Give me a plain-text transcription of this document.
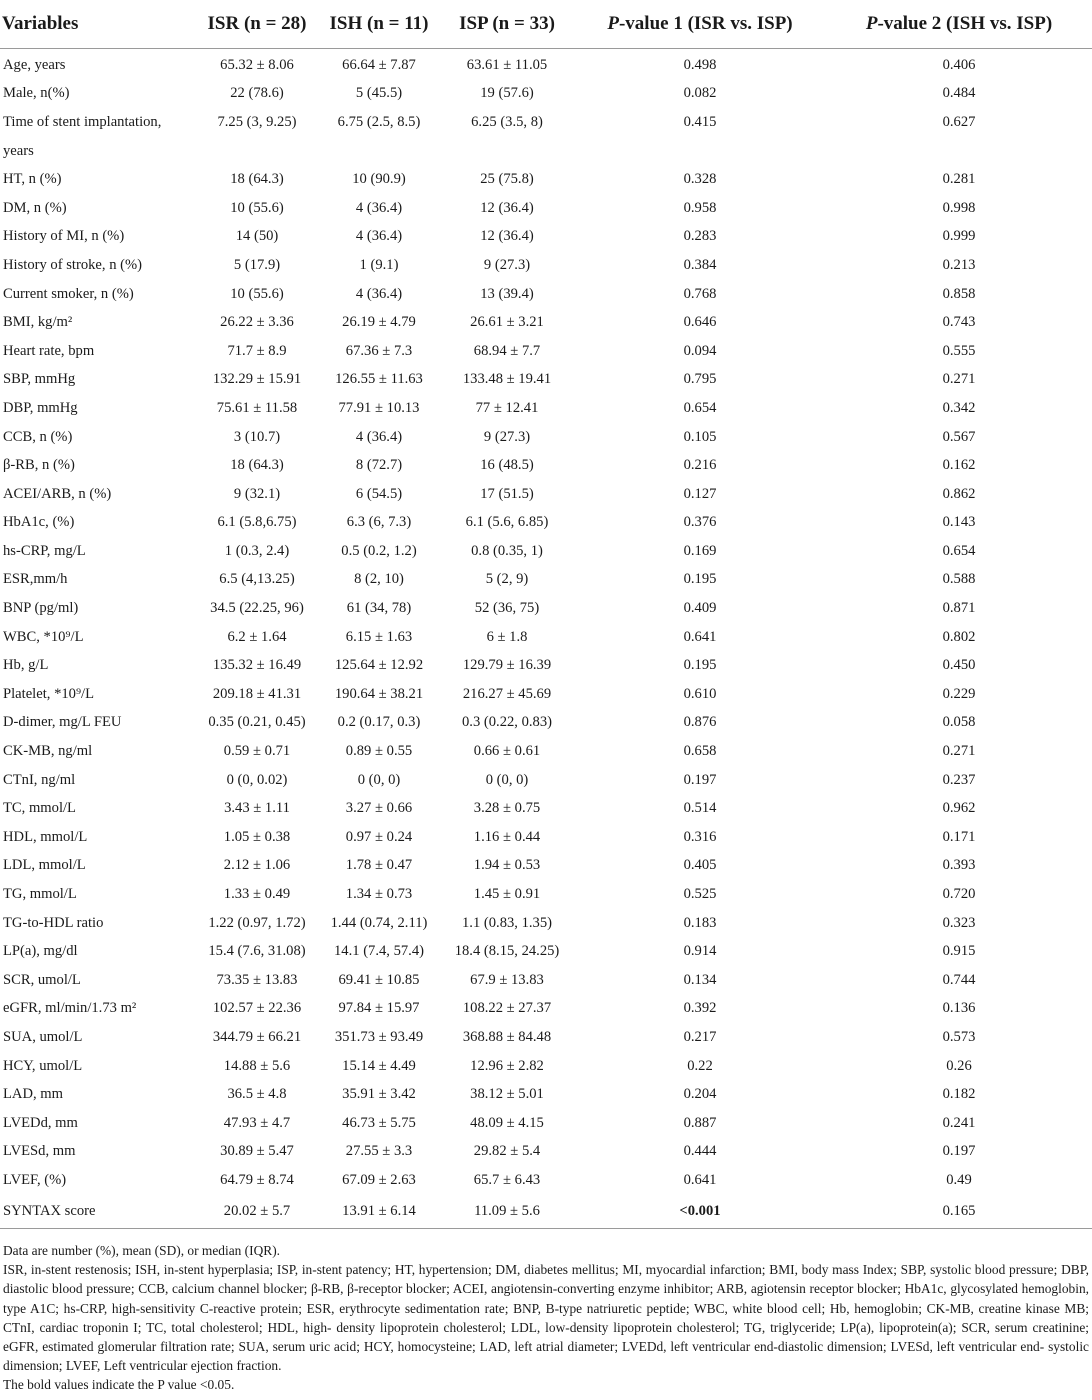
Variables	ISR (n = 28)	ISH (n = 11)	ISP (n = 33)	P-value 1 (ISR vs. ISP)	P-value 2 (ISH vs. ISP)
Age, years	65.32 ± 8.06	66.64 ± 7.87	63.61 ± 11.05	0.498	0.406
Male, n(%)	22 (78.6)	5 (45.5)	19 (57.6)	0.082	0.484
Time of stent implantation,	7.25 (3, 9.25)	6.75 (2.5, 8.5)	6.25 (3.5, 8)	0.415	0.627
years					
HT, n (%)	18 (64.3)	10 (90.9)	25 (75.8)	0.328	0.281
DM, n (%)	10 (55.6)	4 (36.4)	12 (36.4)	0.958	0.998
History of MI, n (%)	14 (50)	4 (36.4)	12 (36.4)	0.283	0.999
History of stroke, n (%)	5 (17.9)	1 (9.1)	9 (27.3)	0.384	0.213
Current smoker, n (%)	10 (55.6)	4 (36.4)	13 (39.4)	0.768	0.858
BMI, kg/m²	26.22 ± 3.36	26.19 ± 4.79	26.61 ± 3.21	0.646	0.743
Heart rate, bpm	71.7 ± 8.9	67.36 ± 7.3	68.94 ± 7.7	0.094	0.555
SBP, mmHg	132.29 ± 15.91	126.55 ± 11.63	133.48 ± 19.41	0.795	0.271
DBP, mmHg	75.61 ± 11.58	77.91 ± 10.13	77 ± 12.41	0.654	0.342
CCB, n (%)	3 (10.7)	4 (36.4)	9 (27.3)	0.105	0.567
β-RB, n (%)	18 (64.3)	8 (72.7)	16 (48.5)	0.216	0.162
ACEI/ARB, n (%)	9 (32.1)	6 (54.5)	17 (51.5)	0.127	0.862
HbA1c, (%)	6.1 (5.8,6.75)	6.3 (6, 7.3)	6.1 (5.6, 6.85)	0.376	0.143
hs-CRP, mg/L	1 (0.3, 2.4)	0.5 (0.2, 1.2)	0.8 (0.35, 1)	0.169	0.654
ESR,mm/h	6.5 (4,13.25)	8 (2, 10)	5 (2, 9)	0.195	0.588
BNP (pg/ml)	34.5 (22.25, 96)	61 (34, 78)	52 (36, 75)	0.409	0.871
WBC, *10⁹/L	6.2 ± 1.64	6.15 ± 1.63	6 ± 1.8	0.641	0.802
Hb, g/L	135.32 ± 16.49	125.64 ± 12.92	129.79 ± 16.39	0.195	0.450
Platelet, *10⁹/L	209.18 ± 41.31	190.64 ± 38.21	216.27 ± 45.69	0.610	0.229
D-dimer, mg/L FEU	0.35 (0.21, 0.45)	0.2 (0.17, 0.3)	0.3 (0.22, 0.83)	0.876	0.058
CK-MB, ng/ml	0.59 ± 0.71	0.89 ± 0.55	0.66 ± 0.61	0.658	0.271
CTnI, ng/ml	0 (0, 0.02)	0 (0, 0)	0 (0, 0)	0.197	0.237
TC, mmol/L	3.43 ± 1.11	3.27 ± 0.66	3.28 ± 0.75	0.514	0.962
HDL, mmol/L	1.05 ± 0.38	0.97 ± 0.24	1.16 ± 0.44	0.316	0.171
LDL, mmol/L	2.12 ± 1.06	1.78 ± 0.47	1.94 ± 0.53	0.405	0.393
TG, mmol/L	1.33 ± 0.49	1.34 ± 0.73	1.45 ± 0.91	0.525	0.720
TG-to-HDL ratio	1.22 (0.97, 1.72)	1.44 (0.74, 2.11)	1.1 (0.83, 1.35)	0.183	0.323
LP(a), mg/dl	15.4 (7.6, 31.08)	14.1 (7.4, 57.4)	18.4 (8.15, 24.25)	0.914	0.915
SCR, umol/L	73.35 ± 13.83	69.41 ± 10.85	67.9 ± 13.83	0.134	0.744
eGFR, ml/min/1.73 m²	102.57 ± 22.36	97.84 ± 15.97	108.22 ± 27.37	0.392	0.136
SUA, umol/L	344.79 ± 66.21	351.73 ± 93.49	368.88 ± 84.48	0.217	0.573
HCY, umol/L	14.88 ± 5.6	15.14 ± 4.49	12.96 ± 2.82	0.22	0.26
LAD, mm	36.5 ± 4.8	35.91 ± 3.42	38.12 ± 5.01	0.204	0.182
LVEDd, mm	47.93 ± 4.7	46.73 ± 5.75	48.09 ± 4.15	0.887	0.241
LVESd, mm	30.89 ± 5.47	27.55 ± 3.3	29.82 ± 5.4	0.444	0.197
LVEF, (%)	64.79 ± 8.74	67.09 ± 2.63	65.7 ± 6.43	0.641	0.49
SYNTAX score	20.02 ± 5.7	13.91 ± 6.14	11.09 ± 5.6	<0.001	0.165

Data are number (%), mean (SD), or median (IQR).

ISR, in-stent restenosis; ISH, in-stent hyperplasia; ISP, in-stent patency; HT, hypertension; DM, diabetes mellitus; MI, myocardial infarction; BMI, body mass Index; SBP, systolic blood pressure; DBP, diastolic blood pressure; CCB, calcium channel blocker; β-RB, β-receptor blocker; ACEI, angiotensin-converting enzyme inhibitor; ARB, agiotensin receptor blocker; HbA1c, glycosylated hemoglobin, type A1C; hs-CRP, high-sensitivity C-reactive protein; ESR, erythrocyte sedimentation rate; BNP, B-type natriuretic peptide; WBC, white blood cell; Hb, hemoglobin; CK-MB, creatine kinase MB; CTnI, cardiac troponin I; TC, total cholesterol; HDL, high- density lipoprotein cholesterol; LDL, low-density lipoprotein cholesterol; TG, triglyceride; LP(a), lipoprotein(a); SCR, serum creatinine; eGFR, estimated glomerular filtration rate; SUA, serum uric acid; HCY, homocysteine; LAD, left atrial diameter; LVEDd, left ventricular end-diastolic dimension; LVESd, left ventricular end- systolic dimension; LVEF, Left ventricular ejection fraction.

The bold values indicate the P value <0.05.
